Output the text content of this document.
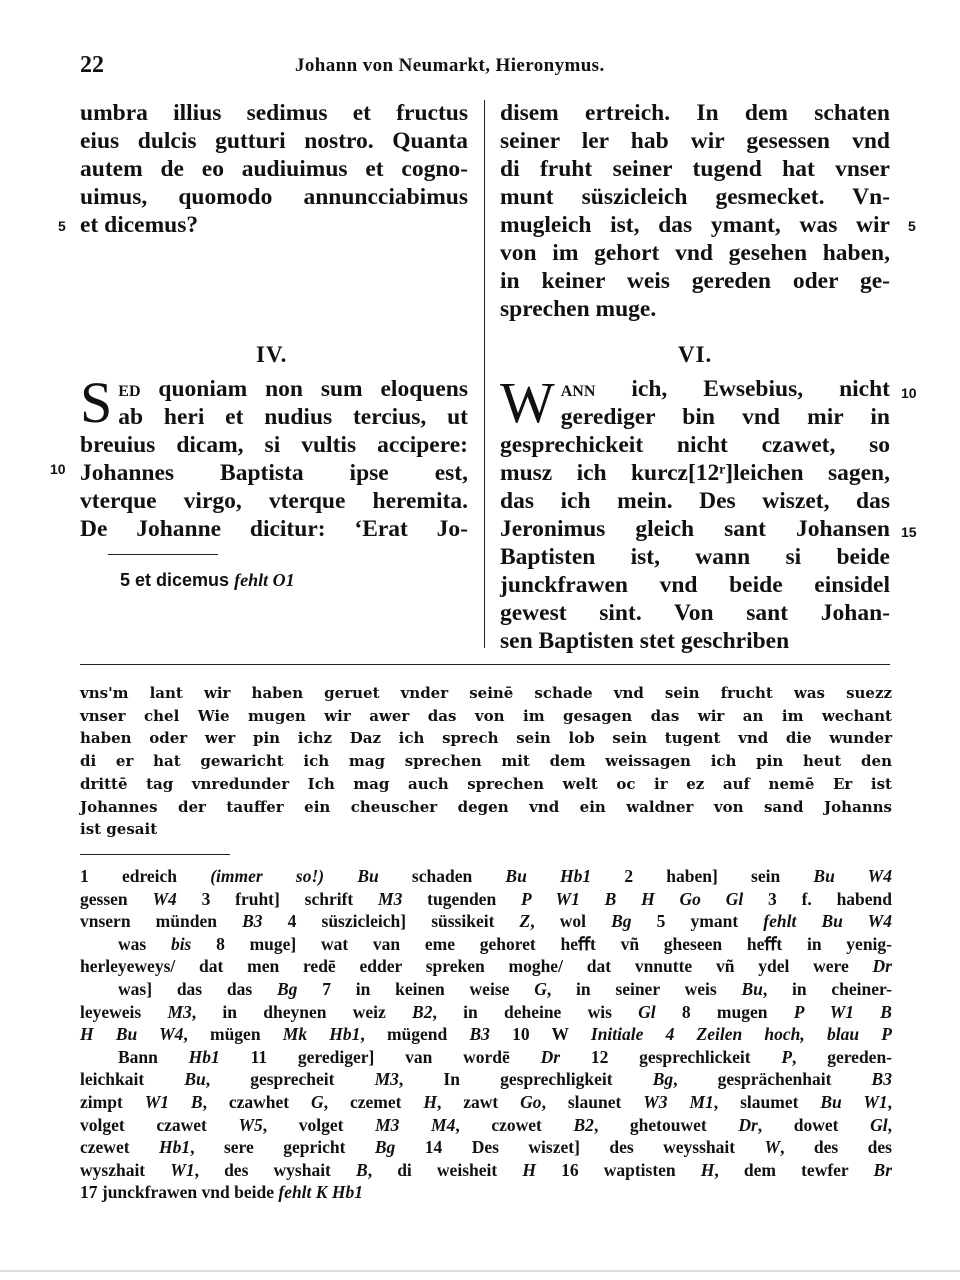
22	Johann von Neumarkt, Hieronymus.
umbra illius sedimus et fructus
eius dulcis gutturi nostro. Quanta
autem de eo audiuimus et cogno-
uimus, quomodo annuncciabimus
et dicemus?
disem ertreich. In dem schaten
seiner ler hab wir gesessen vnd
di fruht seiner tugend hat vnser
munt süszicleich gesmecket. Vn-
mugleich ist, das ymant, was wir
von im gehort vnd gesehen haben,
in keiner weis gereden oder ge-
sprechen muge.
IV.	VI.
S ed quoniam non sum eloquens
ab heri et nudius tercius, ut
breuius dicam, si vultis accipere:
Johannes Baptista ipse est,
vterque virgo, vterque heremita.
De Johanne dicitur: ‘Erat Jo-
W ann ich, Ewsebius, nicht
gerediger bin vnd mir in
gesprechickeit nicht czawet, so
musz ich kurcz[12ʳ]leichen sagen,
das ich mein. Des wiszet, das
Jeronimus gleich sant Johansen
Baptisten ist, wann si beide
junckfrawen vnd beide einsidel
gewest sint. Von sant Johan-
sen Baptisten stet geschriben
5
10
5
10
15
5 et dicemus fehlt O1
vns'm lant wir haben geruet vnder seinē schade vnd sein frucht was suezz
vnser chel Wie mugen wir awer das von im gesagen das wir an im wechant
haben oder wer pin ichz Daz ich sprech sein lob sein tugent vnd die wunder
di er hat gewaricht ich mag sprechen mit dem weissagen ich pin heut den
drittē tag vnredunder Ich mag auch sprechen welt oc ir ez auf nemē Er ist
Johannes der tauffer ein cheuscher degen vnd ein waldner von sand Johanns
ist gesait
1 edreich (immer so!) Bu schaden Bu Hb1 2 haben] sein Bu W4
gessen W4 3 fruht] schrift M3 tugenden P W1 B H Go Gl 3 f. habend
vnsern münden B3 4 süszicleich] süssikeit Z, wol Bg 5 ymant fehlt Bu W4
was bis 8 muge] wat van eme gehoret heﬀt vñ gheseen heﬀt in yenig-
herleyeweys/ dat men redē edder spreken moghe/ dat vnnutte vñ ydel were Dr
was] das das Bg 7 in keinen weise G, in seiner weis Bu, in cheiner-
leyeweis M3, in dheynen weiz B2, in deheine wis Gl 8 mugen P W1 B
H Bu W4, mügen Mk Hb1, mügend B3 10 W Initiale 4 Zeilen hoch, blau P
Bann Hb1 11 gerediger] van wordē Dr 12 gesprechlickeit P, gereden-
leichkait Bu, gesprecheit M3, In gesprechligkeit Bg, gesprächenhait B3
zimpt W1 B, czawhet G, czemet H, zawt Go, slaunet W3 M1, slaumet Bu W1,
volget czawet W5, volget M3 M4, czowet B2, ghetouwet Dr, dowet Gl,
czewet Hb1, sere gepricht Bg 14 Des wiszet] des weysshait W, des des
wyszhait W1, des wyshait B, di weisheit H 16 waptisten H, dem tewfer Br
17 junckfrawen vnd beide fehlt K Hb1
